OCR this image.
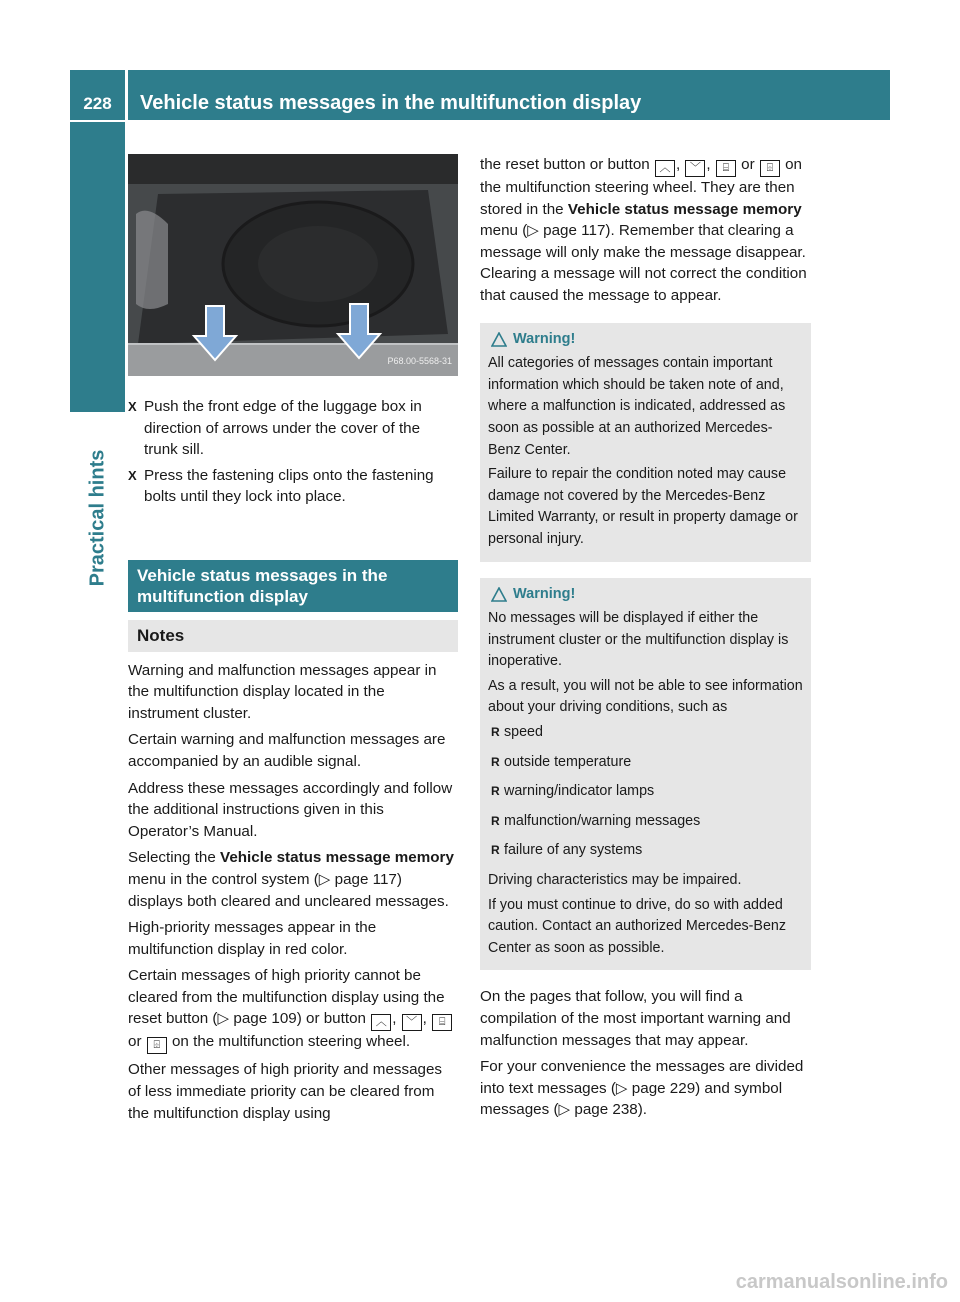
228	Vehicle status messages in the multifunction display
Practical hints
P68.00-5568-31
X Push the front edge of the luggage box in direction of arrows under the cover of the trunk sill.
X Press the fastening clips onto the fastening bolts until they lock into place.
Vehicle status messages in the multifunction display
Notes

Warning and malfunction messages appear in the multifunction display located in the instrument cluster.

Certain warning and malfunction messages are accompanied by an audible signal.

Address these messages accordingly and follow the additional instructions given in this Operator’s Manual.

Selecting the Vehicle status message memory menu in the control system (▷ page 117) displays both cleared and uncleared messages.

High-priority messages appear in the multifunction display in red color.

Certain messages of high priority cannot be cleared from the multifunction display using the reset button (▷ page 109) or button ︿ , ﹀ , ⌸ or ⌹ on the multifunction steering wheel.

Other messages of high priority and messages of less immediate priority can be cleared from the multifunction display using

the reset button or button ︿ , ﹀ , ⌸ or ⌹ on the multifunction steering wheel. They are then stored in the Vehicle status message memory menu (▷ page 117). Remember that clearing a message will only make the message disappear. Clearing a message will not correct the condition that caused the message to appear.

Warning!

All categories of messages contain important information which should be taken note of and, where a malfunction is indicated, addressed as soon as possible at an authorized Mercedes-Benz Center.

Failure to repair the condition noted may cause damage not covered by the Mercedes-Benz Limited Warranty, or result in property damage or personal injury.

Warning!

No messages will be displayed if either the instrument cluster or the multifunction display is inoperative.

As a result, you will not be able to see information about your driving conditions, such as

R speed
R outside temperature
R warning/indicator lamps
R malfunction/warning messages
R failure of any systems

Driving characteristics may be impaired.

If you must continue to drive, do so with added caution. Contact an authorized Mercedes-Benz Center as soon as possible.

On the pages that follow, you will find a compilation of the most important warning and malfunction messages that may appear.

For your convenience the messages are divided into text messages (▷ page 229) and symbol messages (▷ page 238).

carmanualsonline.info
